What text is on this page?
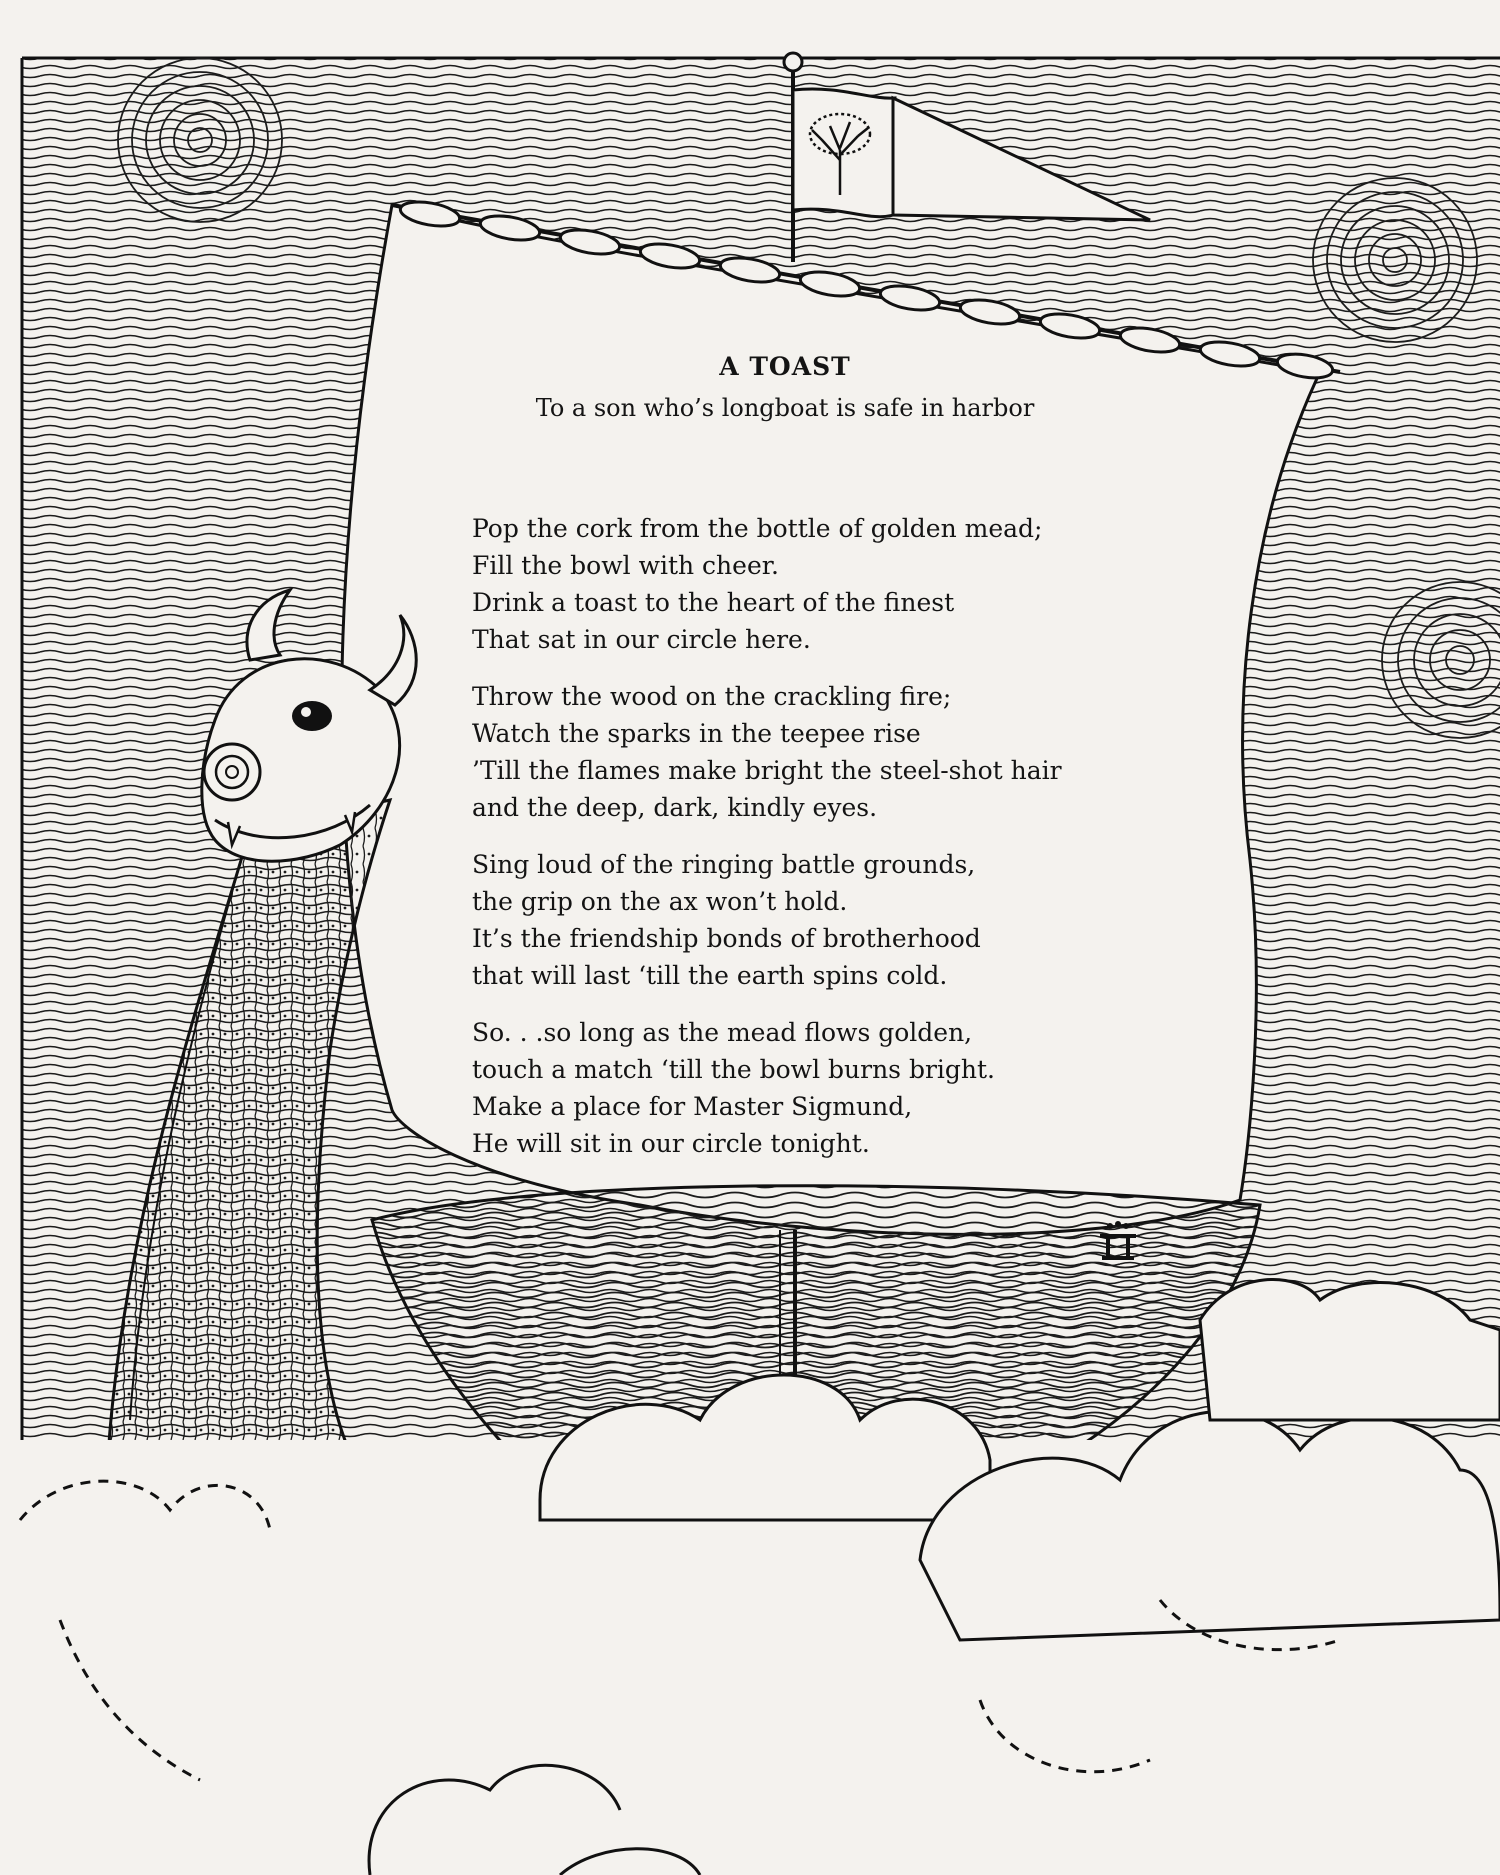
A TOAST
To a son who’s longboat is safe in harbor
Pop the cork from the bottle of golden mead;
Fill the bowl with cheer.
Drink a toast to the heart of the finest
That sat in our circle here.
Throw the wood on the crackling fire;
Watch the sparks in the teepee rise
’Till the flames make bright the steel-shot hair
and the deep, dark, kindly eyes.
Sing loud of the ringing battle grounds,
the grip on the ax won’t hold.
It’s the friendship bonds of brotherhood
that will last ‘till the earth spins cold.
So. . .so long as the mead flows golden,
touch a match ‘till the bowl burns bright.
Make a place for Master Sigmund,
He will sit in our circle tonight.
